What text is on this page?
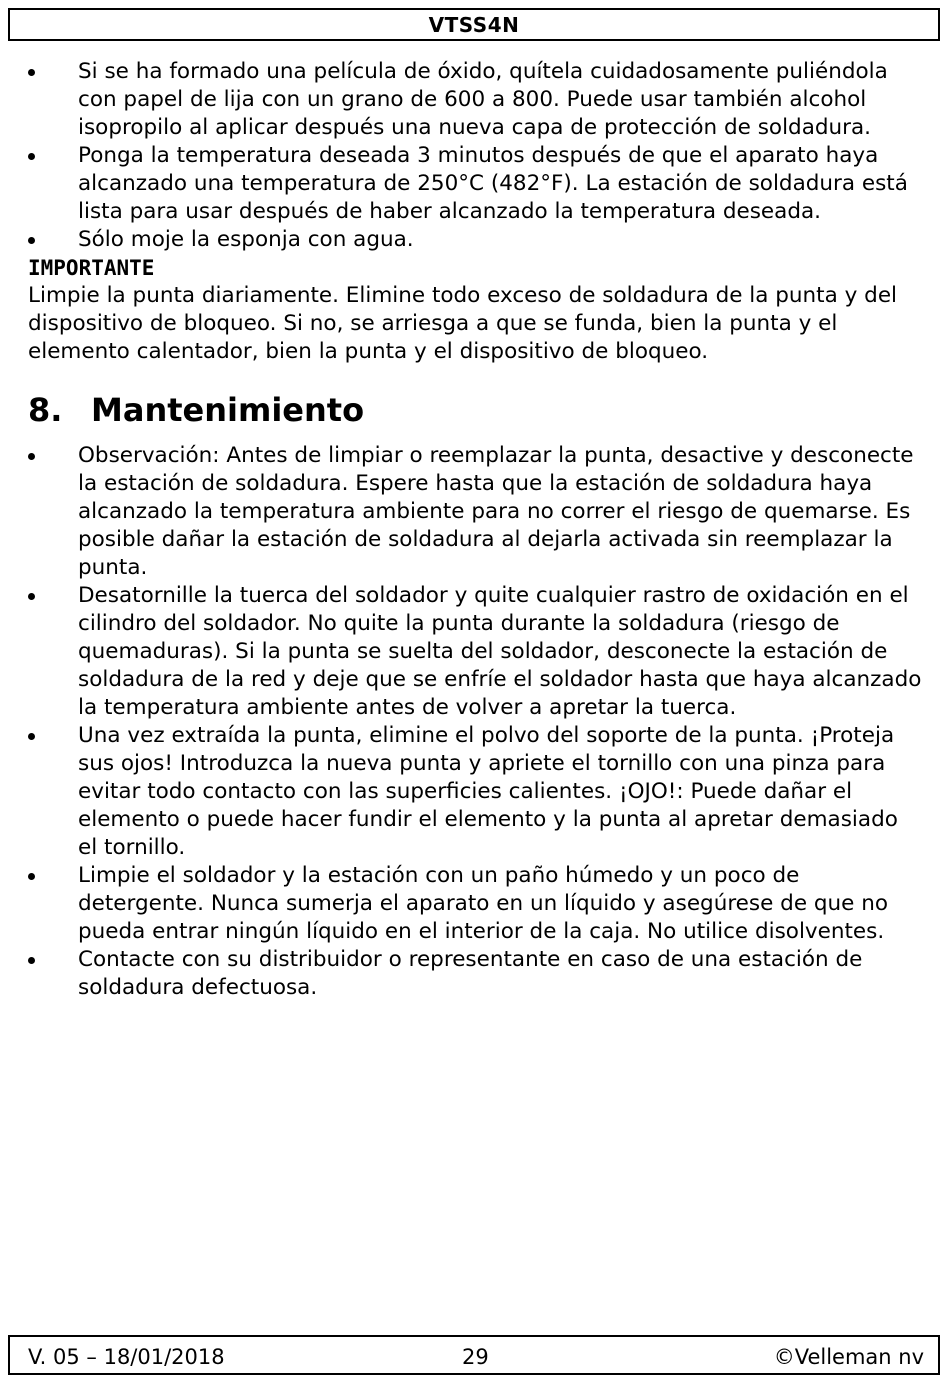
VTSS4N
Si se ha formado una película de óxido, quítela cuidadosamente puliéndola con papel de lija con un grano de 600 a 800. Puede usar también alcohol isopropilo al aplicar después una nueva capa de protección de soldadura.
Ponga la temperatura deseada 3 minutos después de que el aparato haya alcanzado una temperatura de 250°C (482°F). La estación de soldadura está lista para usar después de haber alcanzado la temperatura deseada.
Sólo moje la esponja con agua.
IMPORTANTE
Limpie la punta diariamente. Elimine todo exceso de soldadura de la punta y del dispositivo de bloqueo. Si no, se arriesga a que se funda, bien la punta y el elemento calentador, bien la punta y el dispositivo de bloqueo.
8. Mantenimiento
Observación: Antes de limpiar o reemplazar la punta, desactive y desconecte la estación de soldadura. Espere hasta que la estación de soldadura haya alcanzado la temperatura ambiente para no correr el riesgo de quemarse. Es posible dañar la estación de soldadura al dejarla activada sin reemplazar la punta.
Desatornille la tuerca del soldador y quite cualquier rastro de oxidación en el cilindro del soldador. No quite la punta durante la soldadura (riesgo de quemaduras). Si la punta se suelta del soldador, desconecte la estación de soldadura de la red y deje que se enfríe el soldador hasta que haya alcanzado la temperatura ambiente antes de volver a apretar la tuerca.
Una vez extraída la punta, elimine el polvo del soporte de la punta. ¡Proteja sus ojos! Introduzca la nueva punta y apriete el tornillo con una pinza para evitar todo contacto con las superficies calientes. ¡OJO!: Puede dañar el elemento o puede hacer fundir el elemento y la punta al apretar demasiado el tornillo.
Limpie el soldador y la estación con un paño húmedo y un poco de detergente. Nunca sumerja el aparato en un líquido y asegúrese de que no pueda entrar ningún líquido en el interior de la caja. No utilice disolventes.
Contacte con su distribuidor o representante en caso de una estación de soldadura defectuosa.
V. 05 – 18/01/2018	29	©Velleman nv
